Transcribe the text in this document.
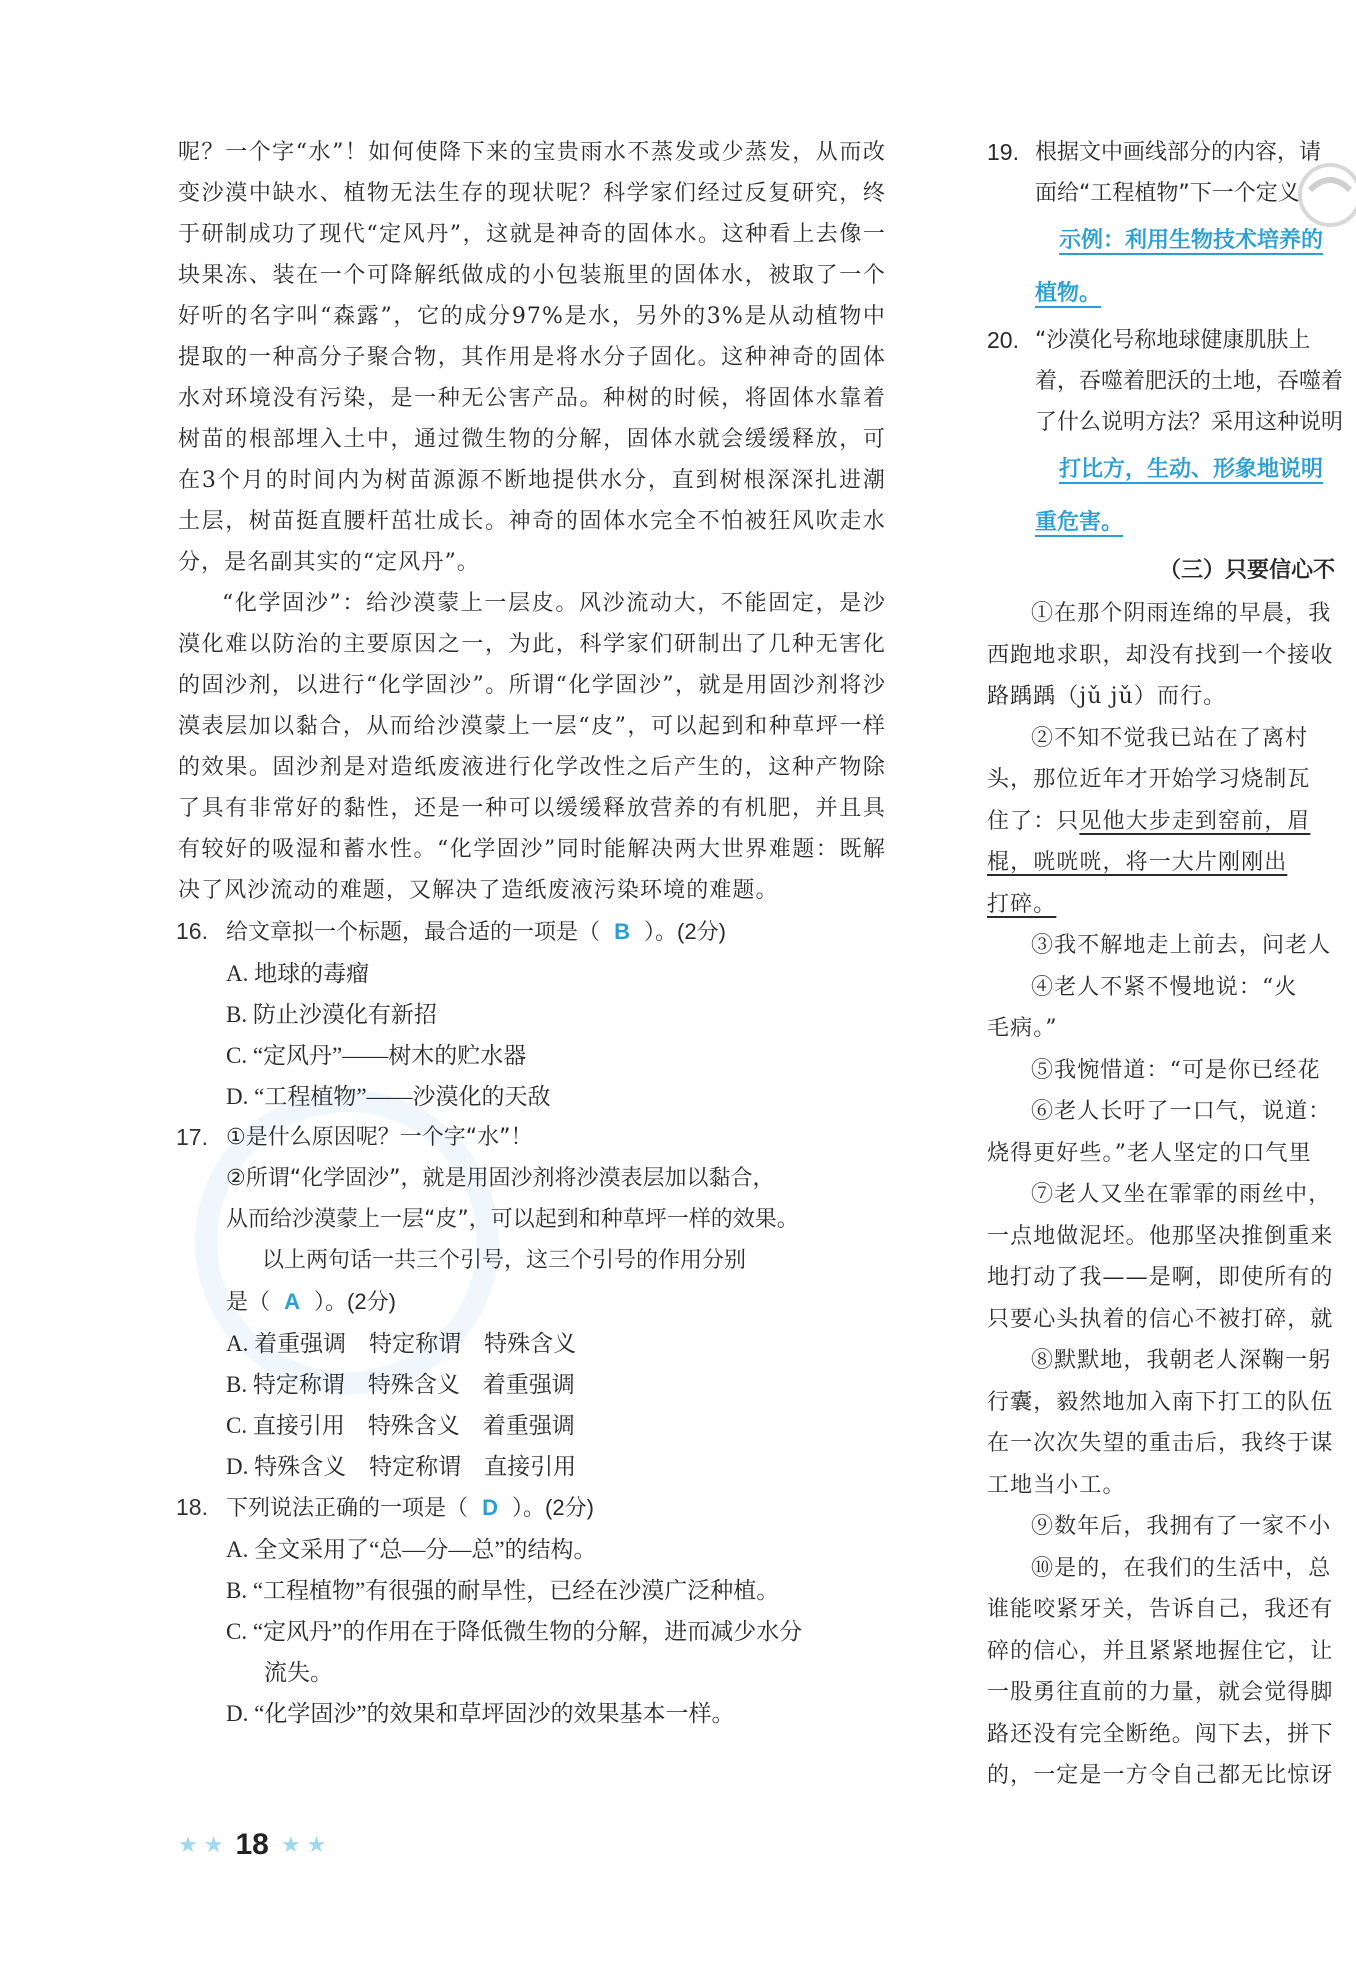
呢？一个字“水”！如何使降下来的宝贵雨水不蒸发或少蒸发，从而改变沙漠中缺水、植物无法生存的现状呢？科学家们经过反复研究，终于研制成功了现代“定风丹”，这就是神奇的固体水。这种看上去像一块果冻、装在一个可降解纸做成的小包装瓶里的固体水，被取了一个好听的名字叫“森露”，它的成分97%是水，另外的3%是从动植物中提取的一种高分子聚合物，其作用是将水分子固化。这种神奇的固体水对环境没有污染，是一种无公害产品。种树的时候，将固体水靠着树苗的根部埋入土中，通过微生物的分解，固体水就会缓缓释放，可在3个月的时间内为树苗源源不断地提供水分，直到树根深深扎进潮土层，树苗挺直腰杆茁壮成长。神奇的固体水完全不怕被狂风吹走水分，是名副其实的“定风丹”。

“化学固沙”：给沙漠蒙上一层皮。风沙流动大，不能固定，是沙漠化难以防治的主要原因之一，为此，科学家们研制出了几种无害化的固沙剂，以进行“化学固沙”。所谓“化学固沙”，就是用固沙剂将沙漠表层加以黏合，从而给沙漠蒙上一层“皮”，可以起到和种草坪一样的效果。固沙剂是对造纸废液进行化学改性之后产生的，这种产物除了具有非常好的黏性，还是一种可以缓缓释放营养的有机肥，并且具有较好的吸湿和蓄水性。“化学固沙”同时能解决两大世界难题：既解决了风沙流动的难题，又解决了造纸废液污染环境的难题。

16. 给文章拟一个标题，最合适的一项是（ B ）。(2分)
A. 地球的毒瘤
B. 防止沙漠化有新招
C. “定风丹”——树木的贮水器
D. “工程植物”——沙漠化的天敌
17. ①是什么原因呢？一个字“水”！
②所谓“化学固沙”，就是用固沙剂将沙漠表层加以黏合，
从而给沙漠蒙上一层“皮”，可以起到和种草坪一样的效果。
以上两句话一共三个引号，这三个引号的作用分别
是（ A ）。(2分)
A. 着重强调　特定称谓　特殊含义
B. 特定称谓　特殊含义　着重强调
C. 直接引用　特殊含义　着重强调
D. 特殊含义　特定称谓　直接引用
18. 下列说法正确的一项是（ D ）。(2分)
A. 全文采用了“总—分—总”的结构。
B. “工程植物”有很强的耐旱性，已经在沙漠广泛种植。
C. “定风丹”的作用在于降低微生物的分解，进而减少水分
流失。
D. “化学固沙”的效果和草坪固沙的效果基本一样。
★ ★ 18 ★ ★
19. 根据文中画线部分的内容，请
面给“工程植物”下一个定义
示例：利用生物技术培养的
植物。
20. “沙漠化号称地球健康肌肤上
着，吞噬着肥沃的土地，吞噬着
了什么说明方法？采用这种说明
打比方，生动、形象地说明
重危害。
（三）只要信心不

①在那个阴雨连绵的早晨，我

西跑地求职，却没有找到一个接收

路踽踽（jǔ jǔ）而行。

②不知不觉我已站在了离村

头，那位近年才开始学习烧制瓦

住了：只见他大步走到窑前，眉

棍，咣咣咣，将一大片刚刚出

打碎。

③我不解地走上前去，问老人

④老人不紧不慢地说：“火

毛病。”

⑤我惋惜道：“可是你已经花

⑥老人长吁了一口气，说道：

烧得更好些。”老人坚定的口气里

⑦老人又坐在霏霏的雨丝中，

一点地做泥坯。他那坚决推倒重来

地打动了我——是啊，即使所有的

只要心头执着的信心不被打碎，就

⑧默默地，我朝老人深鞠一躬

行囊，毅然地加入南下打工的队伍

在一次次失望的重击后，我终于谋

工地当小工。

⑨数年后，我拥有了一家不小

⑩是的，在我们的生活中，总

谁能咬紧牙关，告诉自己，我还有

碎的信心，并且紧紧地握住它，让

一股勇往直前的力量，就会觉得脚

路还没有完全断绝。闯下去，拼下

的，一定是一方令自己都无比惊讶
